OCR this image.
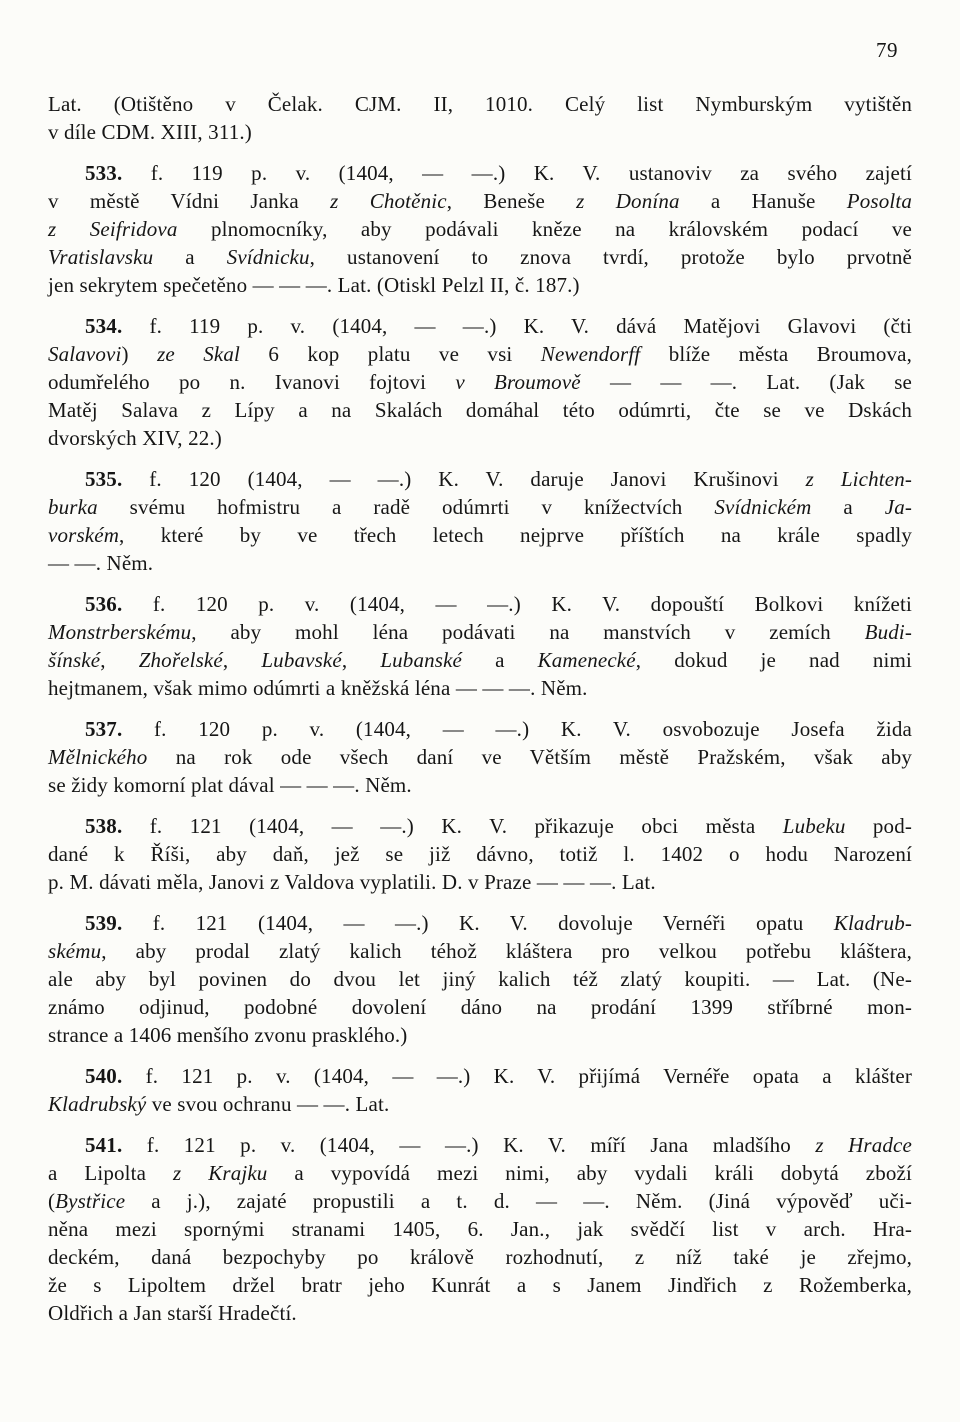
79
Lat. (Otištěno v Čelak. CJM. II, 1010. Celý list Nymburským vytištěn
v díle CDM. XIII, 311.)
533. f. 119 p. v. (1404, — —.) K. V. ustanoviv za svého zajetí
v městě Vídni Janka z Chotěnic, Beneše z Donína a Hanuše Posolta
z Seifridova plnomocníky, aby podávali kněze na královském podací ve
Vratislavsku a Svídnicku, ustanovení to znova tvrdí, protože bylo prvotně
jen sekrytem spečetěno — — —. Lat. (Otiskl Pelzl II, č. 187.)
534. f. 119 p. v. (1404, — —.) K. V. dává Matějovi Glavovi (čti
Salavovi) ze Skal 6 kop platu ve vsi Newendorff blíže města Broumova,
odumřelého po n. Ivanovi fojtovi v Broumově — — —. Lat. (Jak se
Matěj Salava z Lípy a na Skalách domáhal této odúmrti, čte se ve Dskách
dvorských XIV, 22.)
535. f. 120 (1404, — —.) K. V. daruje Janovi Krušinovi z Lichten-
burka svému hofmistru a radě odúmrti v knížectvích Svídnickém a Ja-
vorském, které by ve třech letech nejprve příštích na krále spadly
— —. Něm.
536. f. 120 p. v. (1404, — —.) K. V. dopouští Bolkovi knížeti
Monstrberskému, aby mohl léna podávati na manstvích v zemích Budi-
šínské, Zhořelské, Lubavské, Lubanské a Kamenecké, dokud je nad nimi
hejtmanem, však mimo odúmrti a kněžská léna — — —. Něm.
537. f. 120 p. v. (1404, — —.) K. V. osvobozuje Josefa žida
Mělnického na rok ode všech daní ve Větším městě Pražském, však aby
se židy komorní plat dával — — —. Něm.
538. f. 121 (1404, — —.) K. V. přikazuje obci města Lubeku pod-
dané k Říši, aby daň, jež se již dávno, totiž l. 1402 o hodu Narození
p. M. dávati měla, Janovi z Valdova vyplatili. D. v Praze — — —. Lat.
539. f. 121 (1404, — —.) K. V. dovoluje Vernéři opatu Kladrub-
skému, aby prodal zlatý kalich téhož kláštera pro velkou potřebu kláštera,
ale aby byl povinen do dvou let jiný kalich též zlatý koupiti. — Lat. (Ne-
známo odjinud, podobné dovolení dáno na prodání 1399 stříbrné mon-
strance a 1406 menšího zvonu prasklého.)
540. f. 121 p. v. (1404, — —.) K. V. přijímá Vernéře opata a klášter
Kladrubský ve svou ochranu — —. Lat.
541. f. 121 p. v. (1404, — —.) K. V. míří Jana mladšího z Hradce
a Lipolta z Krajku a vypovídá mezi nimi, aby vydali králi dobytá zboží
(Bystřice a j.), zajaté propustili a t. d. — —. Něm. (Jiná výpověď uči-
něna mezi spornými stranami 1405, 6. Jan., jak svědčí list v arch. Hra-
deckém, daná bezpochyby po králově rozhodnutí, z níž také je zřejmo,
že s Lipoltem držel bratr jeho Kunrát a s Janem Jindřich z Rožemberka,
Oldřich a Jan starší Hradečtí.
